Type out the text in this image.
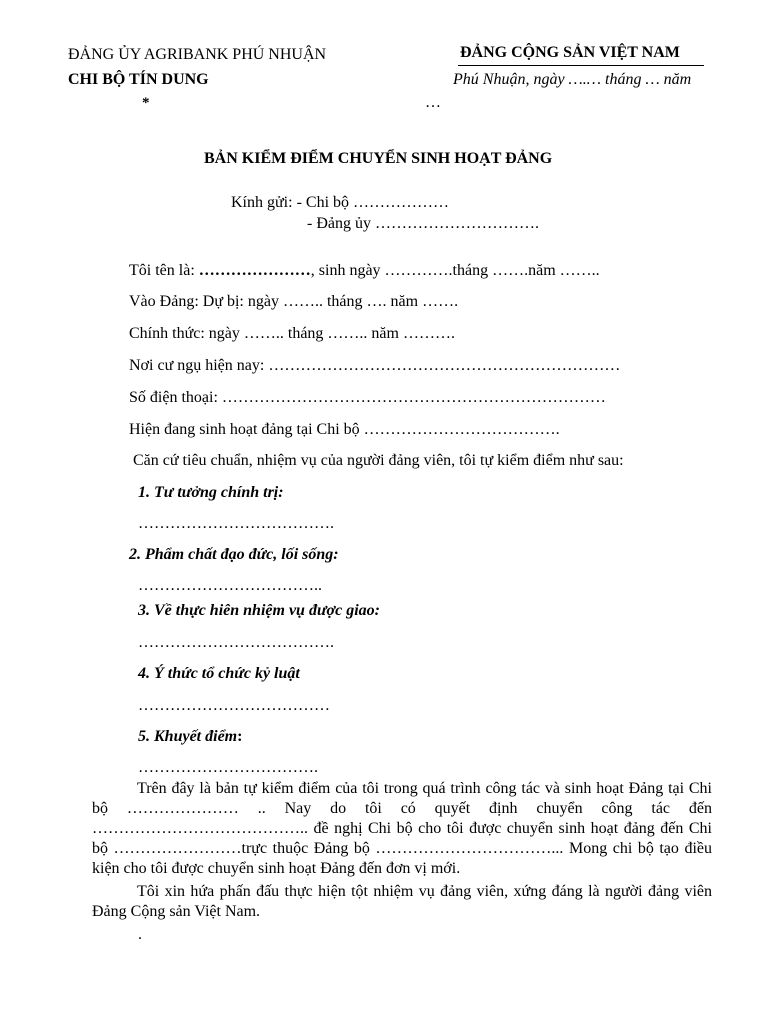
ĐẢNG ỦY AGRIBANK PHÚ NHUẬN
CHI BỘ TÍN DUNG
*
ĐẢNG CỘNG SẢN VIỆT NAM
Phú Nhuận, ngày ….… tháng … năm
…
BẢN KIỂM ĐIỂM CHUYỂN SINH HOẠT ĐẢNG
Kính gửi: - Chi bộ ………………
- Đảng ủy ………………………….
Tôi tên là: …………………, sinh ngày ………….tháng …….năm ……..
Vào Đảng: Dự bị: ngày …….. tháng …. năm …….
Chính thức: ngày …….. tháng …….. năm ……….
Nơi cư ngụ hiện nay: …………………………………………………………
Số điện thoại: ………………………………………………………………
Hiện đang sinh hoạt đảng tại Chi bộ ……………………………….
Căn cứ tiêu chuẩn, nhiệm vụ của người đảng viên, tôi tự kiểm điểm như sau:
1. Tư tưởng chính trị:
……………………………….
2. Phẩm chất đạo đức, lối sống:
……………………………..
3. Về thực hiên nhiệm vụ được giao:
……………………………….
4. Ý thức tổ chức kỷ luật
………………………………
5. Khuyết điểm:
…………………………….
Trên đây là bản tự kiểm điểm của tôi trong quá trình công tác và sinh hoạt Đảng tại Chi bộ ………………… .. Nay do tôi có quyết định chuyển công tác đến ………………………………….. đề nghị Chi bộ cho tôi được chuyển sinh hoạt đảng đến Chi bộ ……………………trực thuộc Đảng bộ ……………………………... Mong chi bộ tạo điều kiện cho tôi được chuyển sinh hoạt Đảng đến đơn vị mới.
Tôi xin hứa phấn đấu thực hiện tột nhiệm vụ đảng viên, xứng đáng là người đảng viên Đảng Cộng sản Việt Nam.
.
